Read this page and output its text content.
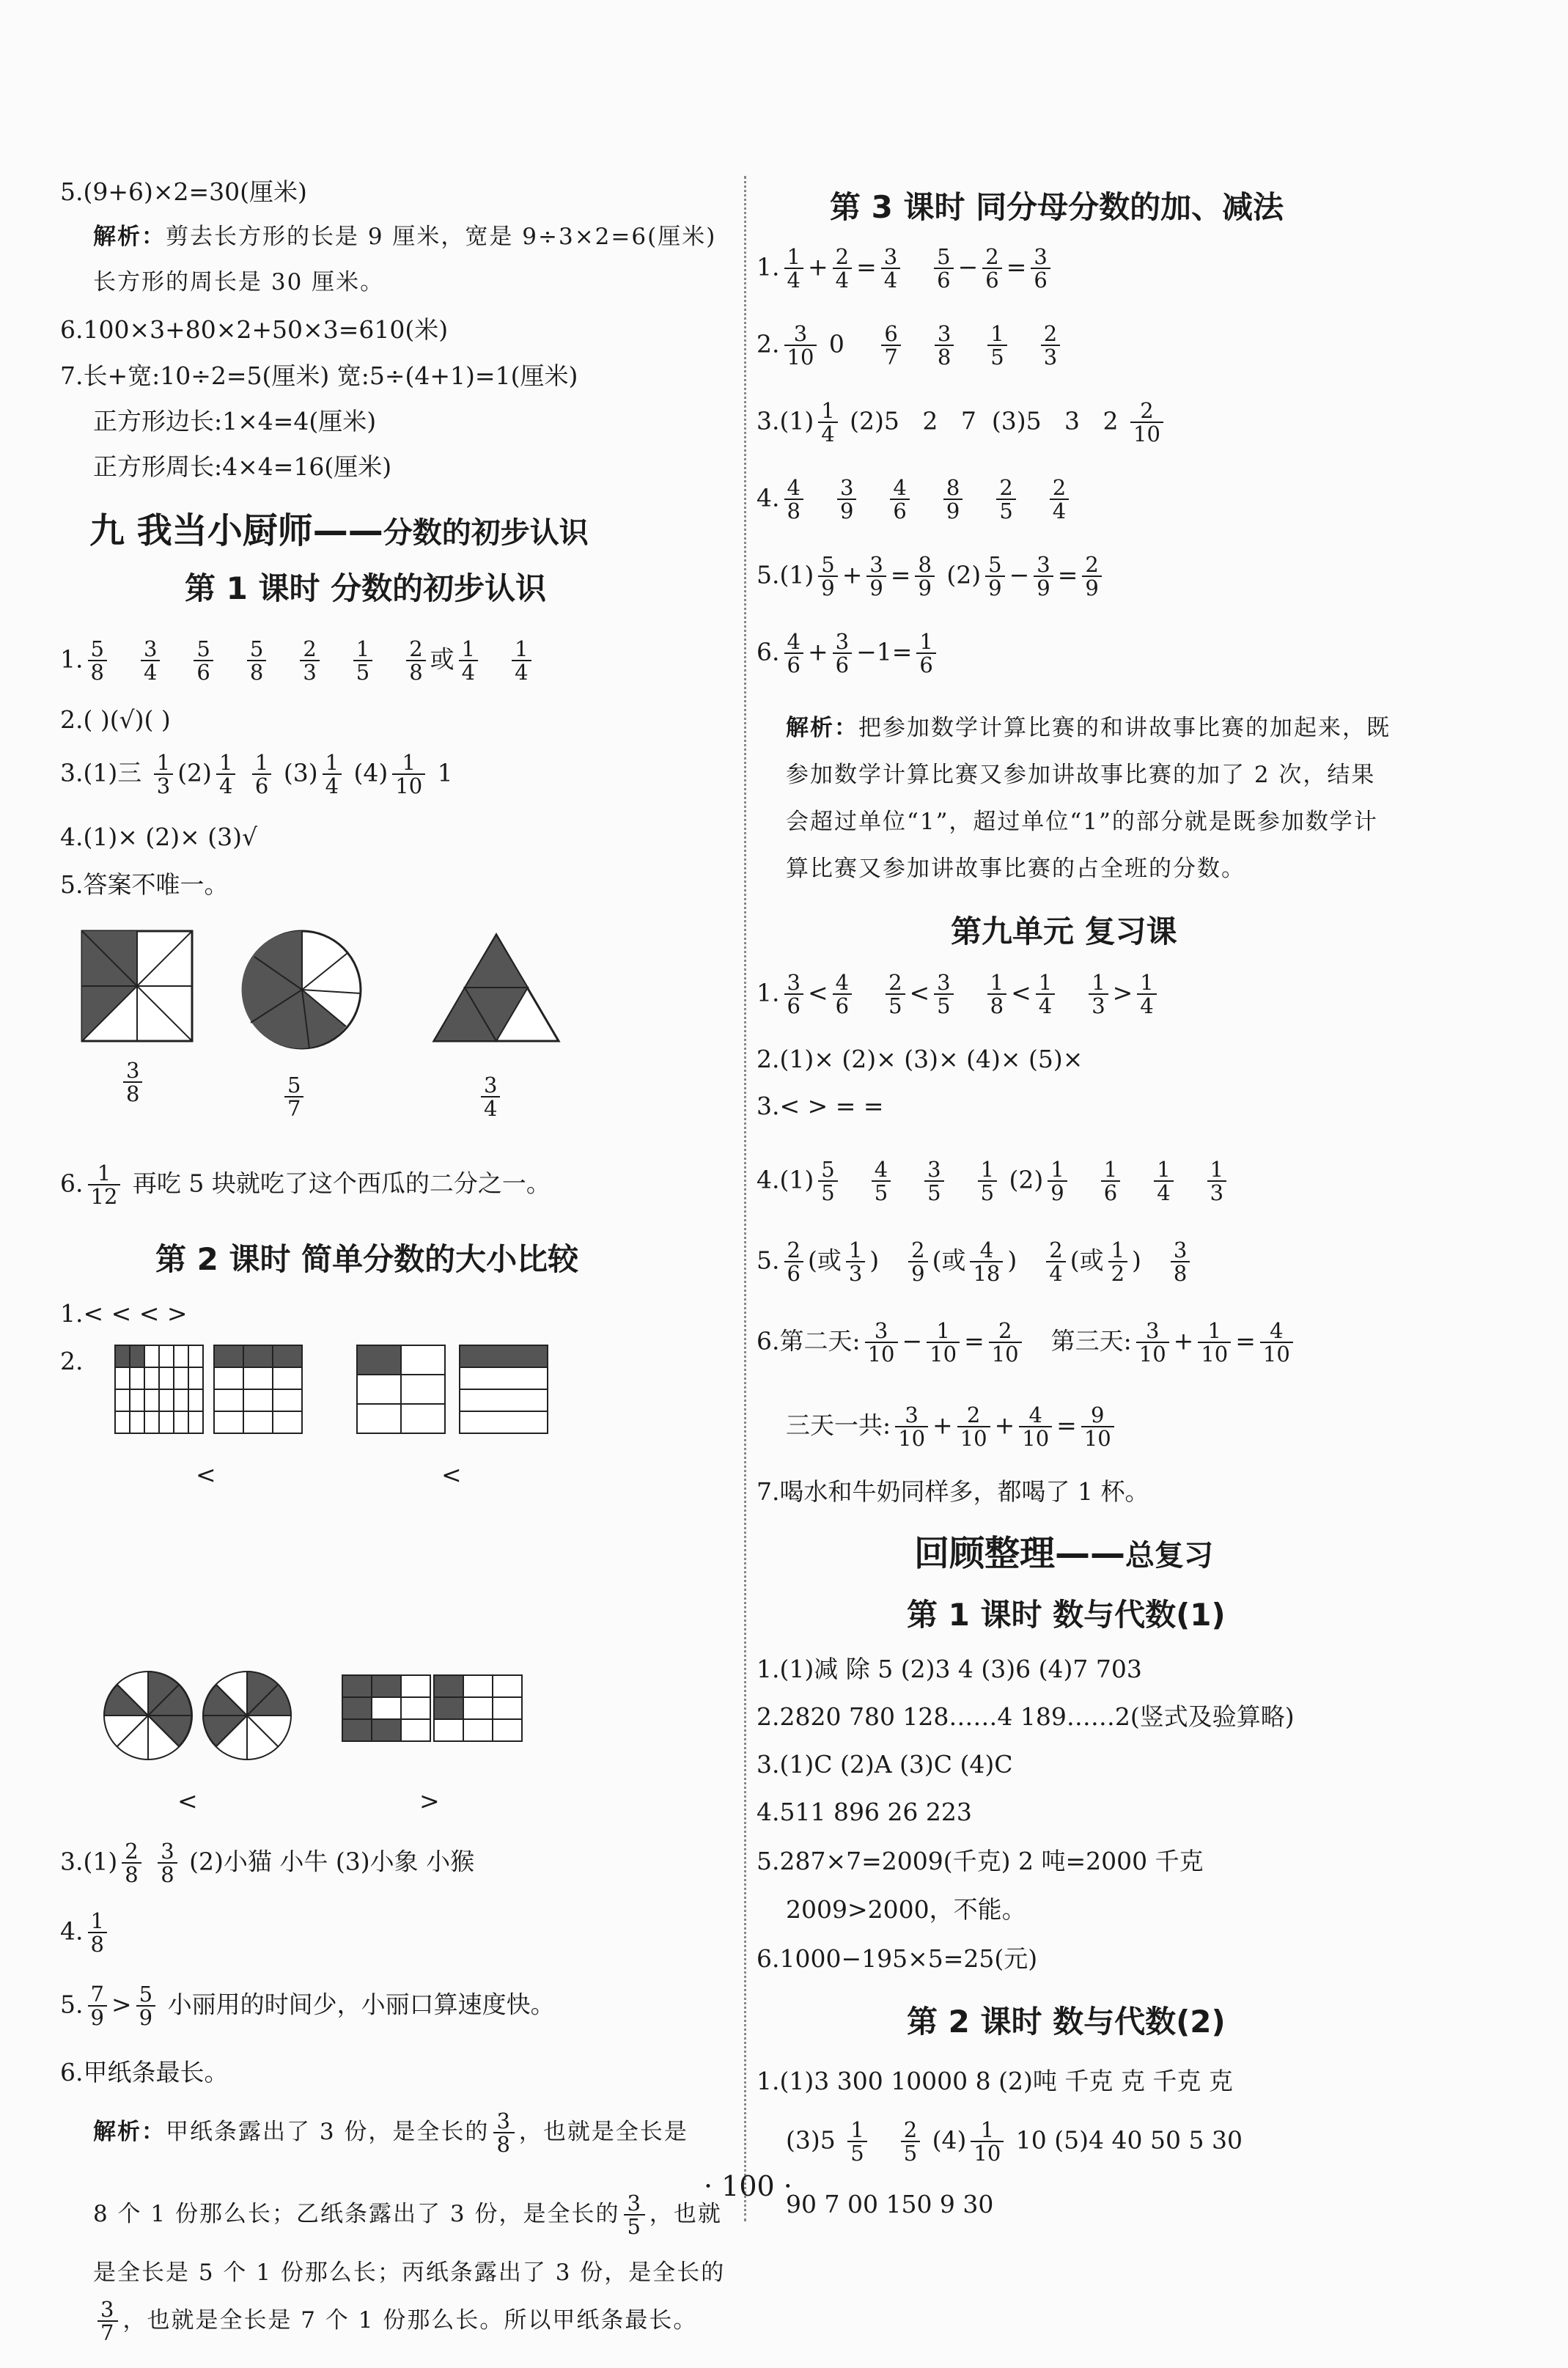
5.(9+6)×2=30(厘米)
解析：剪去长方形的长是 9 厘米，宽是 9÷3×2=6(厘米)
长方形的周长是 30 厘米。
6.100×3+80×2+50×3=610(米)
7.长+宽:10÷2=5(厘米) 宽:5÷(4+1)=1(厘米)
正方形边长:1×4=4(厘米)
正方形周长:4×4=16(厘米)
九 我当小厨师——分数的初步认识
第 1 课时 分数的初步认识
1. $\frac{5}{8} \frac{3}{4} \frac{5}{6} \frac{5}{8} \frac{2}{3} \frac{1}{5} \frac{2}{8}$ 或 $\frac{1}{4} \frac{1}{4}$
2.( )(√)( )
3.(1)三 $\frac{1}{3} (2) \frac{1}{4}$
$\frac{1}{6} (3) \frac{1}{4} (4) \frac{1}{10} 1$
4.(1)× (2)× (3)√
5.答案不唯一。
$\frac{3}{8}$	$\frac{5}{7}$	$\frac{3}{4}$
6. $\frac{1}{12}$ 再吃 5 块就吃了这个西瓜的二分之一。
第 2 课时 简单分数的大小比较
1.< < < >
2.
<	<
<	>
$3.(1) \frac{2}{8}$
$\frac{3}{8} (2)$小猫 小牛 (3)小象 小猴
4. $\frac{1}{8}$
5. $\frac{7}{9} > \frac{5}{9}$ 小丽用的时间少，小丽口算速度快。
6.甲纸条最长。
解析：甲纸条露出了 3 份，是全长的 $\frac{3}{8}$ ，也就是全长是
8 个 1 份那么长；乙纸条露出了 3 份，是全长的 $\frac{3}{5}$ ，也就
是全长是 5 个 1 份那么长；丙纸条露出了 3 份，是全长的
$\frac{3}{7}$ ，也就是全长是 7 个 1 份那么长。所以甲纸条最长。
第 3 课时 同分母分数的加、减法
1. $\frac{1}{4} + \frac{2}{4} = \frac{3}{4} \frac{5}{6} - \frac{2}{6} = \frac{3}{6}$
2. $\frac{3}{10} 0 \frac{6}{7} \frac{3}{8} \frac{1}{5} \frac{2}{3}$
$3.(1) \frac{1}{4} (2)5$   2   7  (3)5   3   $2 \frac{2}{10}$
4. $\frac{4}{8} \frac{3}{9} \frac{4}{6} \frac{8}{9} \frac{2}{5} \frac{2}{4}$
$5.(1) \frac{5}{9} + \frac{3}{9} = \frac{8}{9} (2) \frac{5}{9} - \frac{3}{9} = \frac{2}{9}$
6. $\frac{4}{6} + \frac{3}{6} -1= \frac{1}{6}$
解析：把参加数学计算比赛的和讲故事比赛的加起来，既
参加数学计算比赛又参加讲故事比赛的加了 2 次，结果
会超过单位“1”，超过单位“1”的部分就是既参加数学计
算比赛又参加讲故事比赛的占全班的分数。
第九单元 复习课
1. $\frac{3}{6} < \frac{4}{6} \frac{2}{5} < \frac{3}{5} \frac{1}{8} < \frac{1}{4} \frac{1}{3} > \frac{1}{4}$
2.(1)× (2)× (3)× (4)× (5)×
3.< > = =
$4.(1) \frac{5}{5} \frac{4}{5} \frac{3}{5} \frac{1}{5} (2) \frac{1}{9} \frac{1}{6} \frac{1}{4} \frac{1}{3}$
5. $\frac{2}{6}$ (或 $\frac{1}{3}$ ) $\frac{2}{9}$ (或 $\frac{4}{18}$ ) $\frac{2}{4}$ (或 $\frac{1}{2}$ ) $\frac{3}{8}$
6.第二天: $\frac{3}{10} - \frac{1}{10} = \frac{2}{10}$ 第三天: $\frac{3}{10} + \frac{1}{10} = \frac{4}{10}$
三天一共: $\frac{3}{10} + \frac{2}{10} + \frac{4}{10} = \frac{9}{10}$
7.喝水和牛奶同样多，都喝了 1 杯。
回顾整理——总复习
第 1 课时 数与代数(1)
1.(1)减 除 5 (2)3 4 (3)6 (4)7 703
2.2820 780 128……4 189……2(竖式及验算略)
3.(1)C (2)A (3)C (4)C
4.511 896 26 223
5.287×7=2009(千克) 2 吨=2000 千克
2009>2000，不能。
6.1000−195×5=25(元)
第 2 课时 数与代数(2)
1.(1)3 300 10000 8 (2)吨 千克 克 千克 克
$(3)5 \frac{1}{5} \frac{2}{5} (4) \frac{1}{10} 10$ (5)4 40 50 5 30
90 7 00 150 9 30
· 100 ·
